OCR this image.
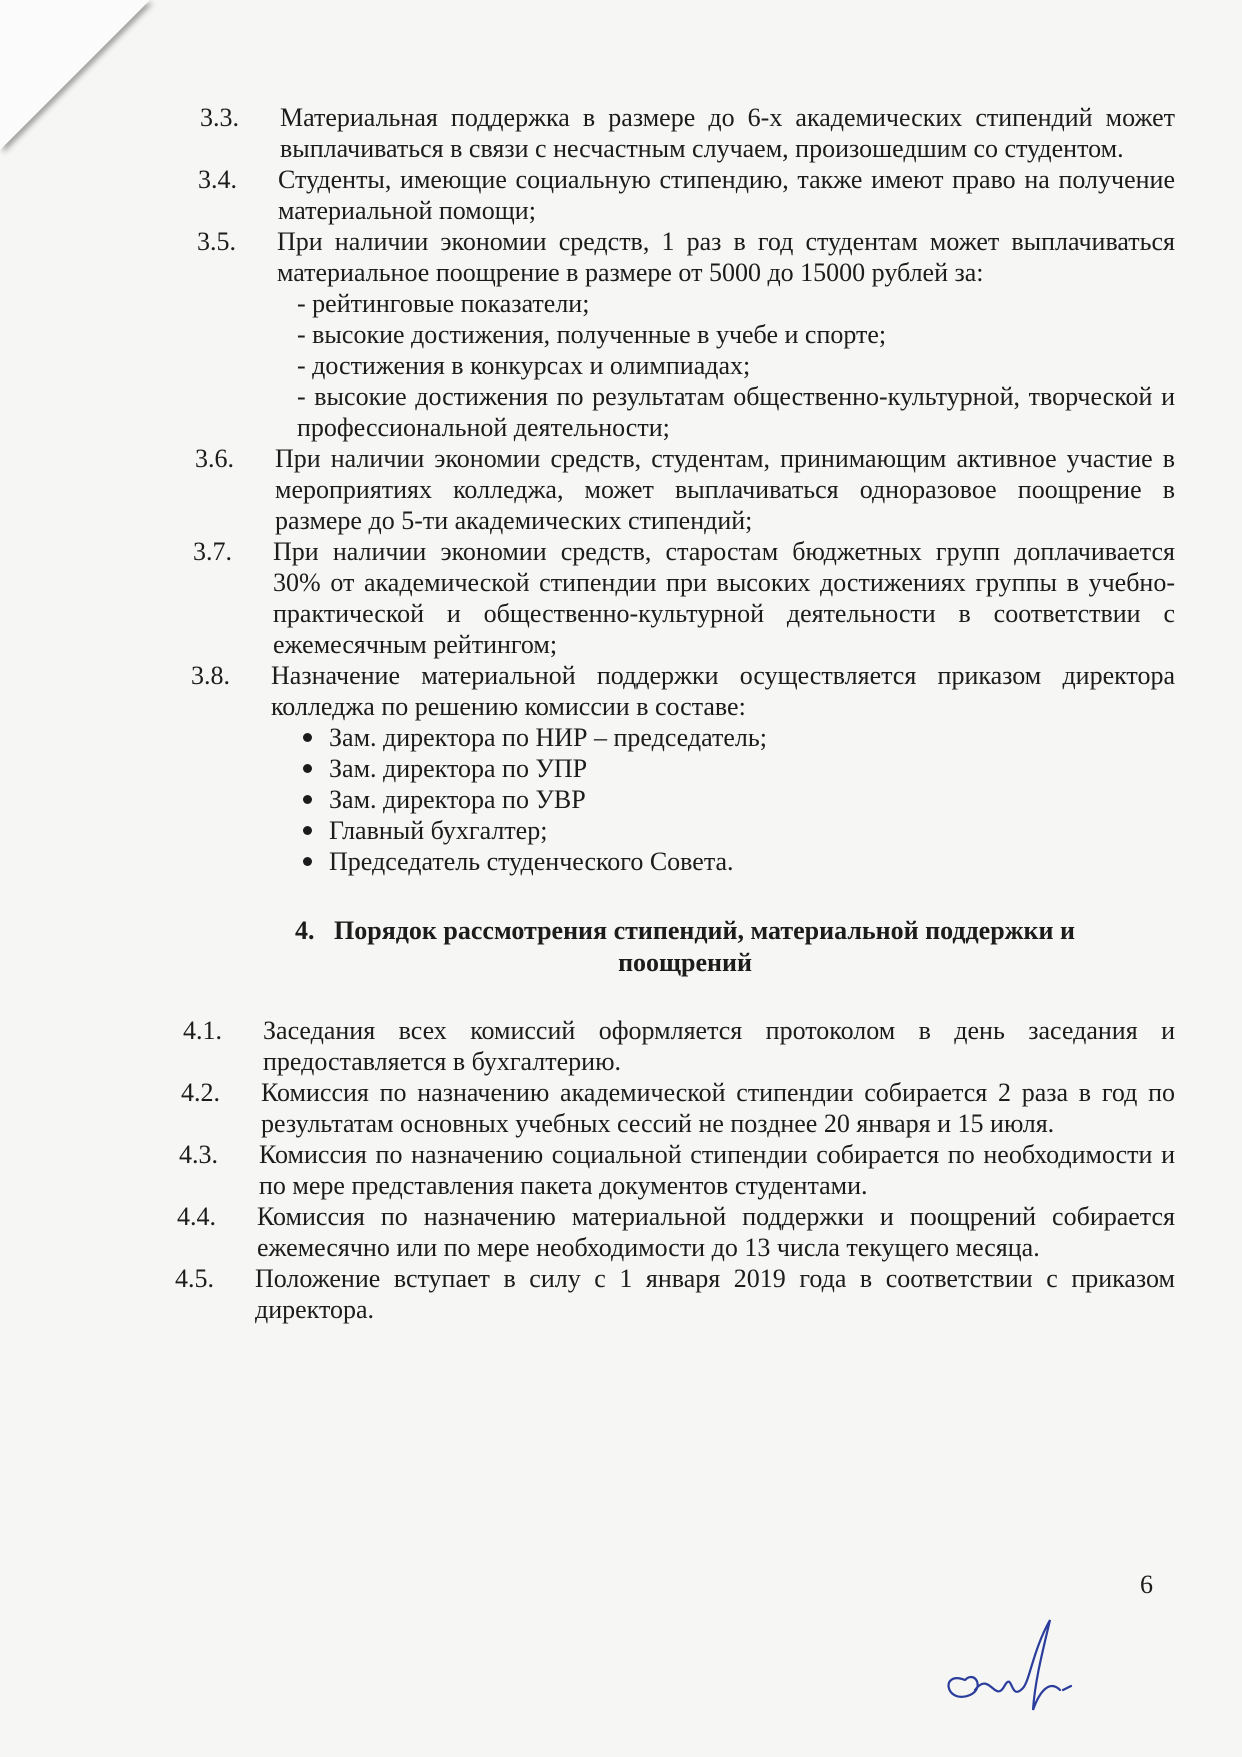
3.3. Материальная поддержка в размере до 6-х академических стипендий может выплачиваться в связи с несчастным случаем, произошедшим со студентом.
3.4. Студенты, имеющие социальную стипендию, также имеют право на получение материальной помощи;
3.5. При наличии экономии средств, 1 раз в год студентам может выплачиваться материальное поощрение в размере от 5000 до 15000 рублей за:
- рейтинговые показатели;
- высокие достижения, полученные в учебе и спорте;
- достижения в конкурсах и олимпиадах;
- высокие достижения по результатам общественно-культурной, творческой и профессиональной деятельности;
3.6. При наличии экономии средств, студентам, принимающим активное участие в мероприятиях колледжа, может выплачиваться одноразовое поощрение в размере до 5-ти академических стипендий;
3.7. При наличии экономии средств, старостам бюджетных групп доплачивается 30% от академической стипендии при высоких достижениях группы в учебно-практической и общественно-культурной деятельности в соответствии с ежемесячным рейтингом;
3.8. Назначение материальной поддержки осуществляется приказом директора колледжа по решению комиссии в составе:
Зам. директора по НИР – председатель;
Зам. директора по УПР
Зам. директора по УВР
Главный бухгалтер;
Председатель студенческого Совета.
4.   Порядок рассмотрения стипендий, материальной поддержки и
поощрений
4.1. Заседания всех комиссий оформляется протоколом в день заседания и предоставляется в бухгалтерию.
4.2. Комиссия по назначению академической стипендии собирается 2 раза в год по результатам основных учебных сессий не позднее 20 января и 15 июля.
4.3. Комиссия по назначению социальной стипендии собирается по необходимости и по мере представления пакета документов студентами.
4.4. Комиссия по назначению материальной поддержки и поощрений собирается ежемесячно или по мере необходимости до 13 числа текущего месяца.
4.5. Положение вступает в силу с 1 января 2019 года в соответствии с приказом директора.
6
